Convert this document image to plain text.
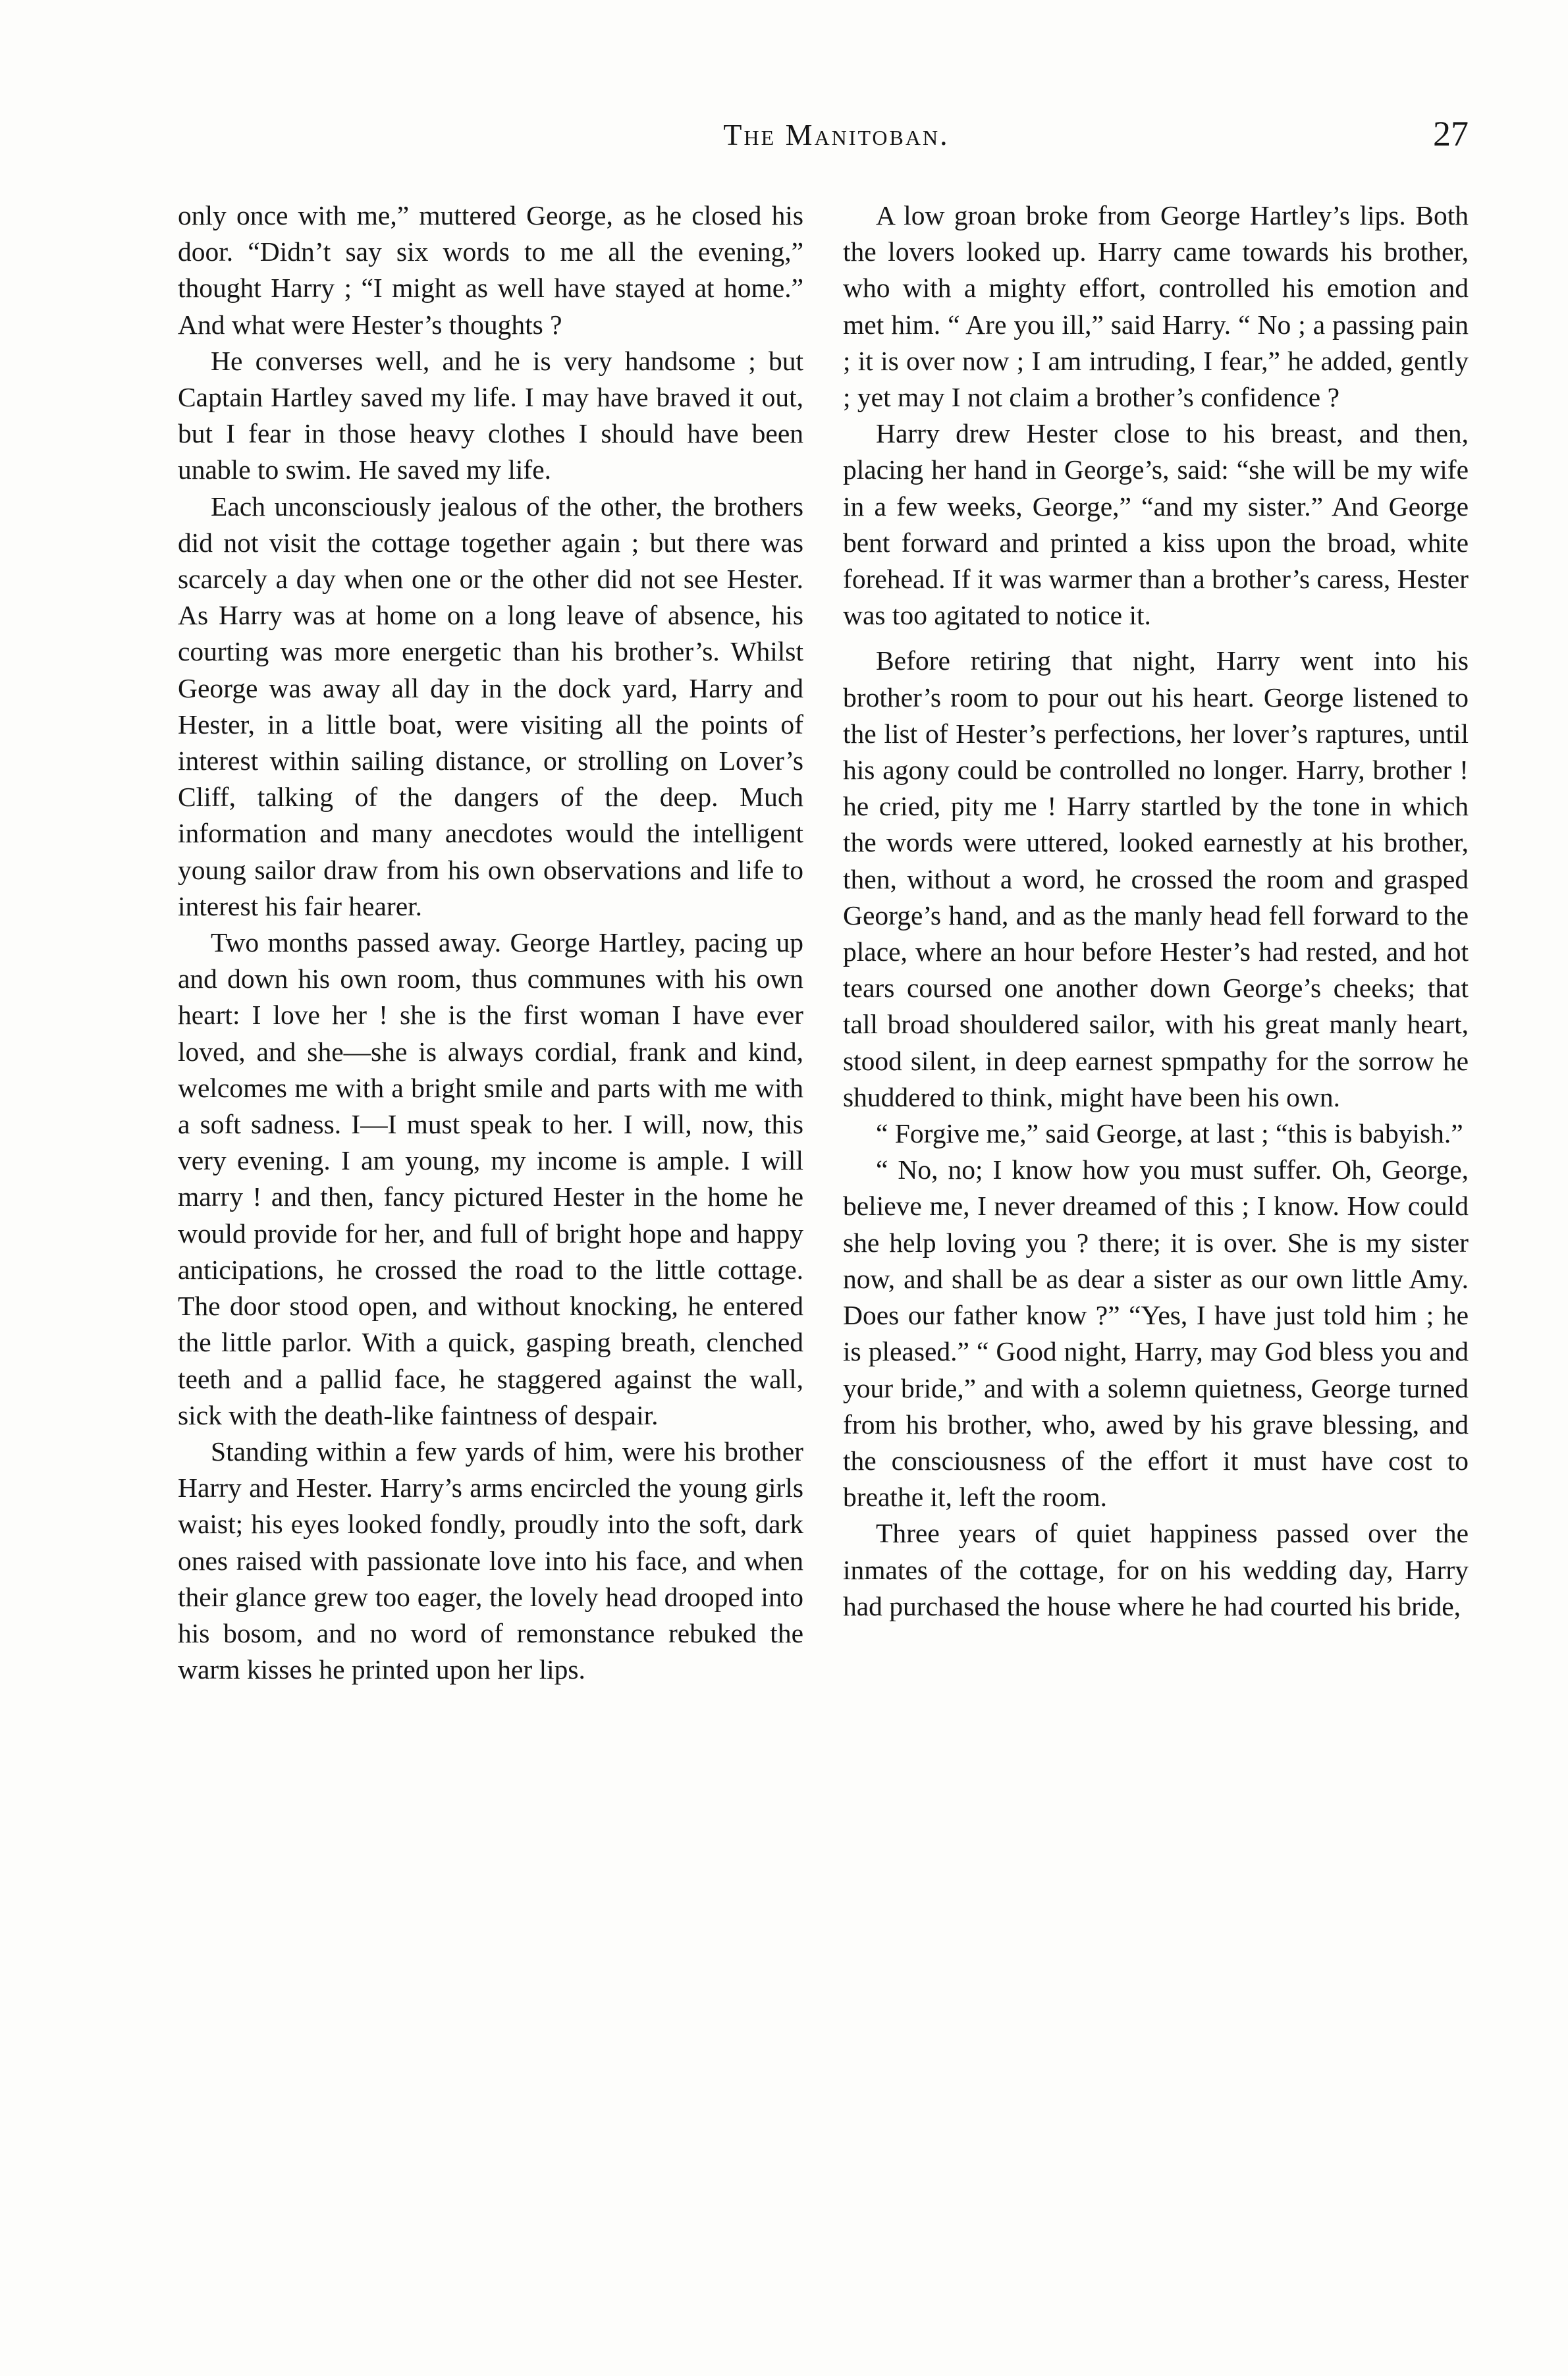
The Manitoban.	27

only once with me,” muttered George, as he closed his door. “Didn’t say six words to me all the evening,” thought Harry ; “I might as well have stayed at home.” And what were Hester’s thoughts ?

He converses well, and he is very handsome ; but Captain Hartley saved my life. I may have braved it out, but I fear in those heavy clothes I should have been unable to swim. He saved my life.

Each unconsciously jealous of the other, the brothers did not visit the cottage together again ; but there was scarcely a day when one or the other did not see Hester. As Harry was at home on a long leave of absence, his courting was more energetic than his brother’s. Whilst George was away all day in the dock yard, Harry and Hester, in a little boat, were visiting all the points of interest within sailing distance, or strolling on Lover’s Cliff, talking of the dangers of the deep. Much information and many anecdotes would the intelligent young sailor draw from his own observations and life to interest his fair hearer.

Two months passed away. George Hartley, pacing up and down his own room, thus communes with his own heart: I love her ! she is the first woman I have ever loved, and she—she is always cordial, frank and kind, welcomes me with a bright smile and parts with me with a soft sadness. I—I must speak to her. I will, now, this very evening. I am young, my income is ample. I will marry ! and then, fancy pictured Hester in the home he would provide for her, and full of bright hope and happy anticipations, he crossed the road to the little cottage. The door stood open, and without knocking, he entered the little parlor. With a quick, gasping breath, clenched teeth and a pallid face, he staggered against the wall, sick with the death-like faintness of despair.

Standing within a few yards of him, were his brother Harry and Hester. Harry’s arms encircled the young girls waist; his eyes looked fondly, proudly into the soft, dark ones raised with passionate love into his face, and when their glance grew too eager, the lovely head drooped into his bosom, and no word of remonstance rebuked the warm kisses he printed upon her lips.

A low groan broke from George Hartley’s lips. Both the lovers looked up. Harry came towards his brother, who with a mighty effort, controlled his emotion and met him. “ Are you ill,” said Harry. “ No ; a passing pain ; it is over now ; I am intruding, I fear,” he added, gently ; yet may I not claim a brother’s confidence ?

Harry drew Hester close to his breast, and then, placing her hand in George’s, said: “she will be my wife in a few weeks, George,” “and my sister.” And George bent forward and printed a kiss upon the broad, white forehead. If it was warmer than a brother’s caress, Hester was too agitated to notice it.

Before retiring that night, Harry went into his brother’s room to pour out his heart. George listened to the list of Hester’s perfections, her lover’s raptures, until his agony could be controlled no longer. Harry, brother ! he cried, pity me ! Harry startled by the tone in which the words were uttered, looked earnestly at his brother, then, without a word, he crossed the room and grasped George’s hand, and as the manly head fell forward to the place, where an hour before Hester’s had rested, and hot tears coursed one another down George’s cheeks; that tall broad shouldered sailor, with his great manly heart, stood silent, in deep earnest spmpathy for the sorrow he shuddered to think, might have been his own.

“ Forgive me,” said George, at last ; “this is babyish.”

“ No, no; I know how you must suffer. Oh, George, believe me, I never dreamed of this ; I know. How could she help loving you ? there; it is over. She is my sister now, and shall be as dear a sister as our own little Amy. Does our father know ?” “Yes, I have just told him ; he is pleased.” “ Good night, Harry, may God bless you and your bride,” and with a solemn quietness, George turned from his brother, who, awed by his grave blessing, and the consciousness of the effort it must have cost to breathe it, left the room.

Three years of quiet happiness passed over the inmates of the cottage, for on his wedding day, Harry had purchased the house where he had courted his bride,
